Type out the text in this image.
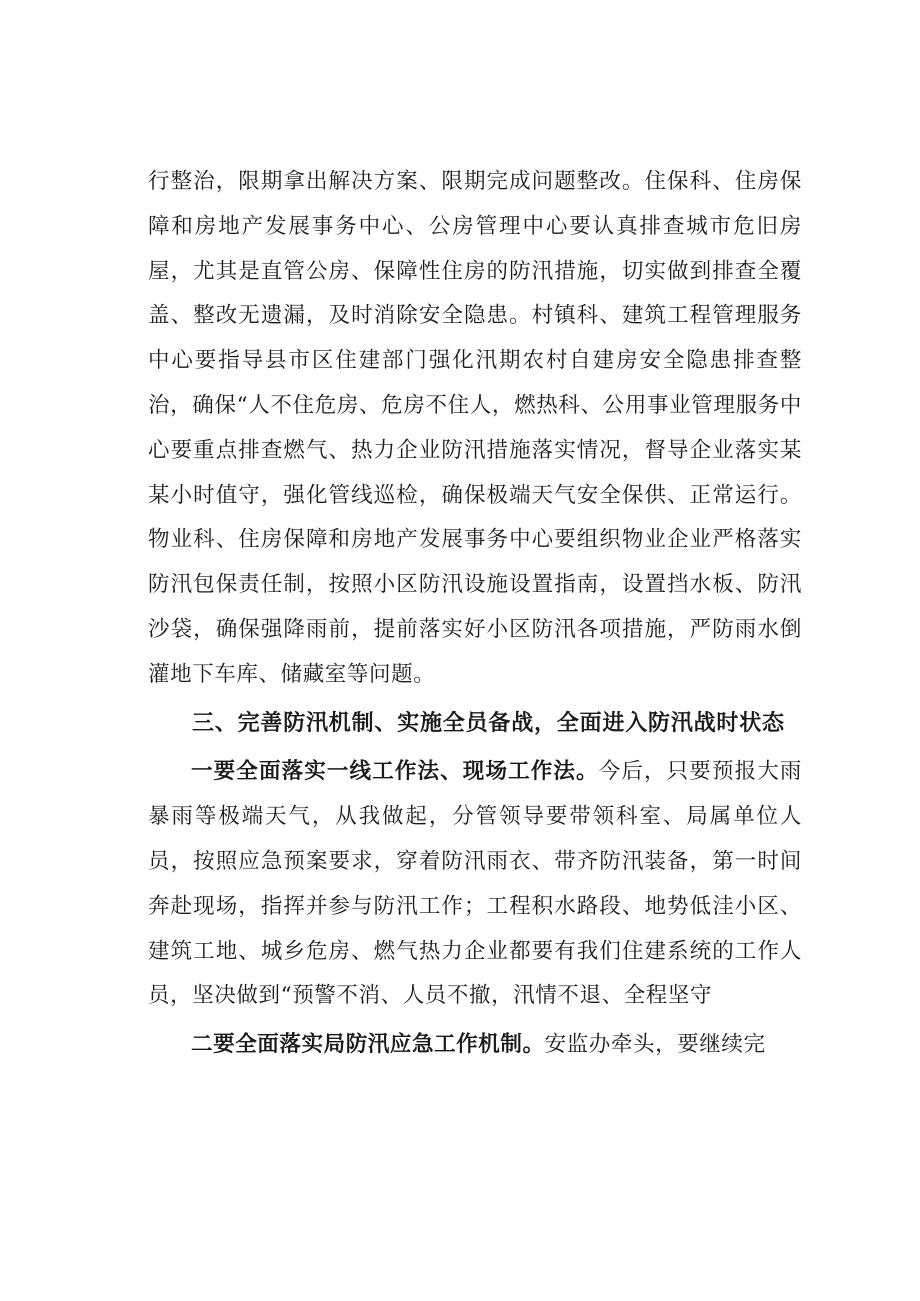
行整治，限期拿出解决方案、限期完成问题整改。住保科、住房保障和房地产发展事务中心、公房管理中心要认真排查城市危旧房屋，尤其是直管公房、保障性住房的防汛措施，切实做到排查全覆盖、整改无遗漏，及时消除安全隐患。村镇科、建筑工程管理服务中心要指导县市区住建部门强化汛期农村自建房安全隐患排查整治，确保“人不住危房、危房不住人，燃热科、公用事业管理服务中心要重点排查燃气、热力企业防汛措施落实情况，督导企业落实某某小时值守，强化管线巡检，确保极端天气安全保供、正常运行。物业科、住房保障和房地产发展事务中心要组织物业企业严格落实防汛包保责任制，按照小区防汛设施设置指南，设置挡水板、防汛沙袋，确保强降雨前，提前落实好小区防汛各项措施，严防雨水倒灌地下车库、储藏室等问题。

三、完善防汛机制、实施全员备战，全面进入防汛战时状态

一要全面落实一线工作法、现场工作法。今后，只要预报大雨暴雨等极端天气，从我做起，分管领导要带领科室、局属单位人员，按照应急预案要求，穿着防汛雨衣、带齐防汛装备，第一时间奔赴现场，指挥并参与防汛工作；工程积水路段、地势低洼小区、建筑工地、城乡危房、燃气热力企业都要有我们住建系统的工作人员，坚决做到“预警不消、人员不撤，汛情不退、全程坚守

二要全面落实局防汛应急工作机制。安监办牵头，要继续完
